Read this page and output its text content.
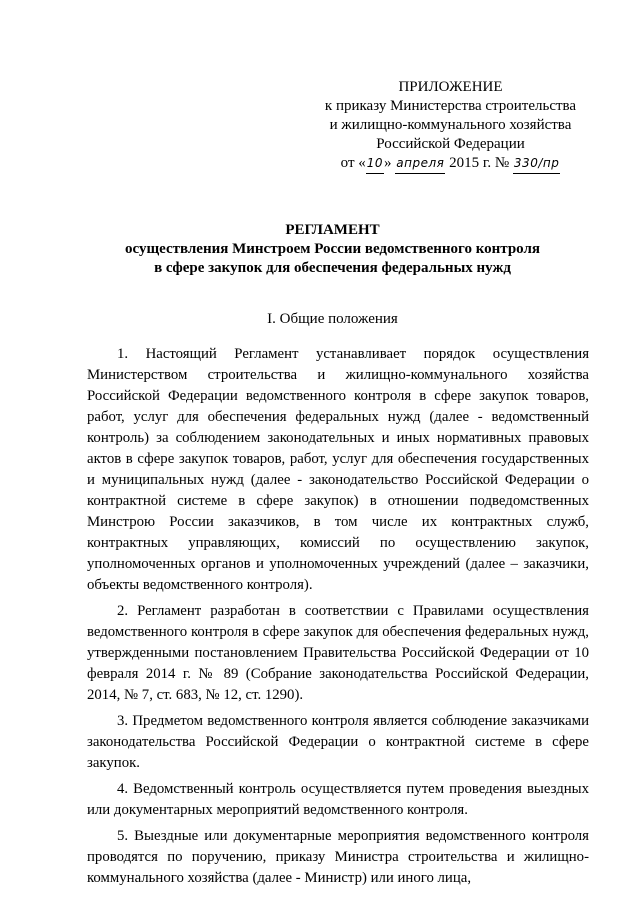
ПРИЛОЖЕНИЕ
к приказу Министерства строительства
и жилищно-коммунального хозяйства
Российской Федерации
от «10» апреля 2015 г. № 330/пр
РЕГЛАМЕНТ
осуществления Минстроем России ведомственного контроля
в сфере закупок для обеспечения федеральных нужд
I. Общие положения

1. Настоящий Регламент устанавливает порядок осуществления Министерством строительства и жилищно-коммунального хозяйства Российской Федерации ведомственного контроля в сфере закупок товаров, работ, услуг для обеспечения федеральных нужд (далее - ведомственный контроль) за соблюдением законодательных и иных нормативных правовых актов в сфере закупок товаров, работ, услуг для обеспечения государственных и муниципальных нужд (далее - законодательство Российской Федерации о контрактной системе в сфере закупок) в отношении подведомственных Минстрою России заказчиков, в том числе их контрактных служб, контрактных управляющих, комиссий по осуществлению закупок, уполномоченных органов и уполномоченных учреждений (далее – заказчики, объекты ведомственного контроля).

2. Регламент разработан в соответствии с Правилами осуществления ведомственного контроля в сфере закупок для обеспечения федеральных нужд, утвержденными постановлением Правительства Российской Федерации от 10 февраля 2014 г. № 89 (Собрание законодательства Российской Федерации, 2014, № 7, ст. 683, № 12, ст. 1290).

3. Предметом ведомственного контроля является соблюдение заказчиками законодательства Российской Федерации о контрактной системе в сфере закупок.

4. Ведомственный контроль осуществляется путем проведения выездных или документарных мероприятий ведомственного контроля.

5. Выездные или документарные мероприятия ведомственного контроля проводятся по поручению, приказу Министра строительства и жилищно-коммунального хозяйства (далее - Министр) или иного лица,
